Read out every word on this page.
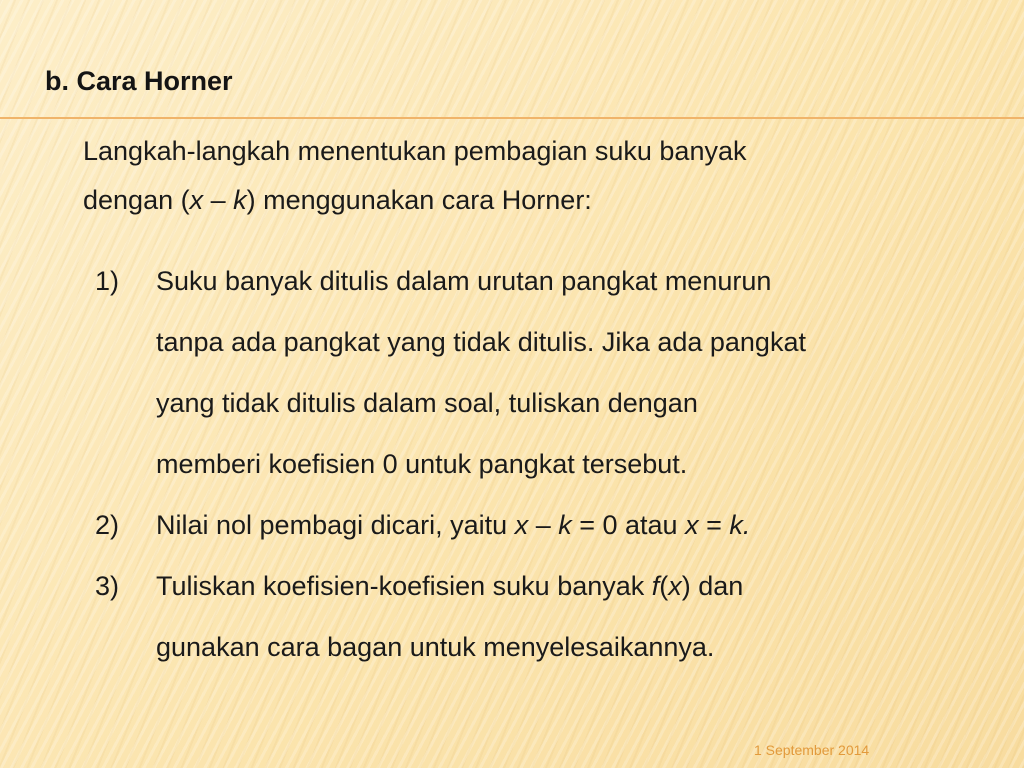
b. Cara Horner

Langkah-langkah menentukan pembagian suku banyak
dengan (x – k) menggunakan cara Horner:

1)	Suku banyak ditulis dalam urutan pangkat menurun
tanpa ada pangkat yang tidak ditulis. Jika ada pangkat
yang tidak ditulis dalam soal, tuliskan dengan
memberi koefisien 0 untuk pangkat tersebut.
2)	Nilai nol pembagi dicari, yaitu x – k = 0 atau x = k.
3)	Tuliskan koefisien-koefisien suku banyak f(x) dan
gunakan cara bagan untuk menyelesaikannya.
1 September 2014
